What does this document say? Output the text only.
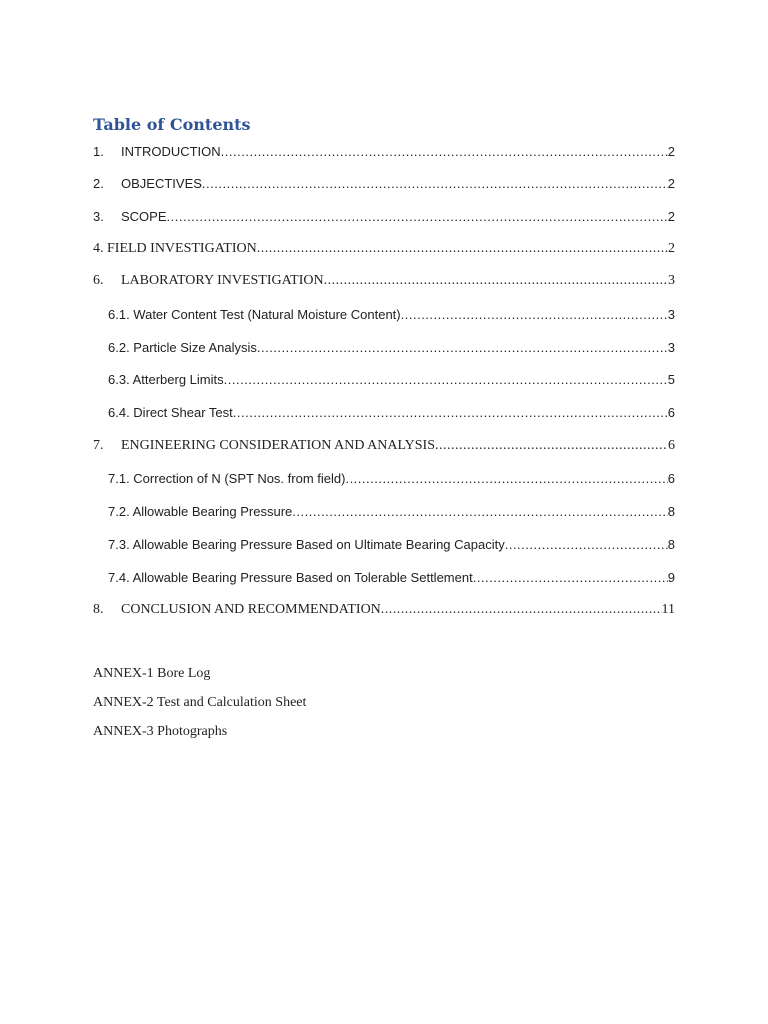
Table of Contents
1.	INTRODUCTION .....	2
2.	OBJECTIVES .....	2
3.	SCOPE .....	2
4. FIELD INVESTIGATION .....	2
6.	LABORATORY INVESTIGATION .....	3
6.1. Water Content Test (Natural Moisture Content) .....	3
6.2. Particle Size Analysis .....	3
6.3. Atterberg Limits .....	5
6.4. Direct Shear Test .....	6
7.	ENGINEERING CONSIDERATION AND ANALYSIS .....	6
7.1. Correction of N (SPT Nos. from field) .....	6
7.2. Allowable Bearing Pressure .....	8
7.3. Allowable Bearing Pressure Based on Ultimate Bearing Capacity .....	8
7.4. Allowable Bearing Pressure Based on Tolerable Settlement .....	9
8.	CONCLUSION AND RECOMMENDATION .....	11
ANNEX-1 Bore Log
ANNEX-2 Test and Calculation Sheet
ANNEX-3 Photographs
